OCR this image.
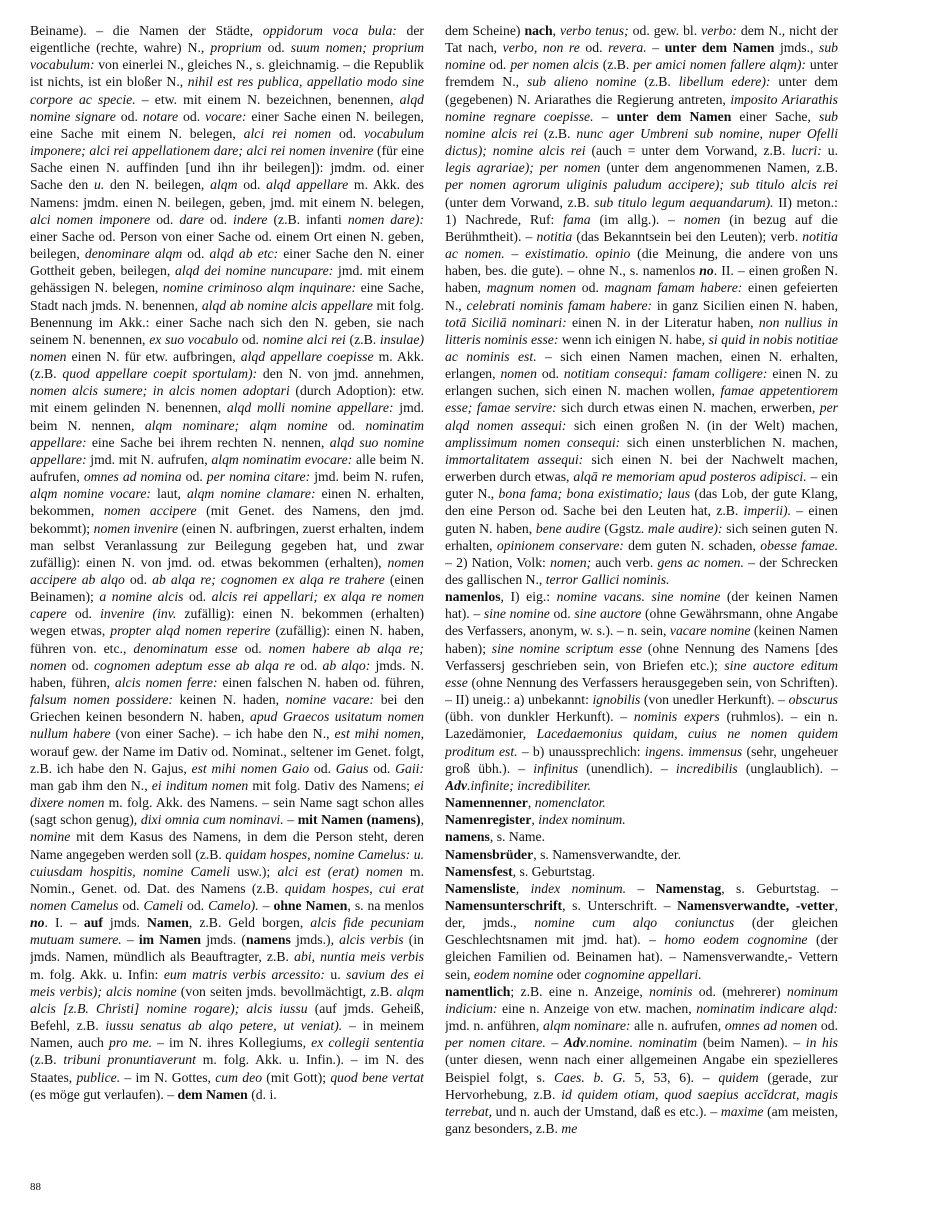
Beiname). – die Namen der Städte, oppidorum voca bula: der eigentliche (rechte, wahre) N., proprium od. suum nomen; proprium vocabulum: von einerlei N., gleiches N., s. gleichnamig. – die Republik ist nichts, ist ein bloßer N., nihil est res publica, appellatio modo sine corpore ac specie. – etw. mit einem N. bezeichnen, benennen, alqd nomine signare od. notare od. vocare: einer Sache einen N. beilegen, eine Sache mit einem N. belegen, alci rei nomen od. vocabulum imponere; alci rei appellationem dare; alci rei nomen invenire (für eine Sache einen N. auffinden [und ihn ihr beilegen]): jmdm. od. einer Sache den u. den N. beilegen, alqm od. alqd appellare m. Akk. des Namens: jmdm. einen N. beilegen, geben, jmd. mit einem N. belegen, alci nomen imponere od. dare od. indere (z.B. infanti nomen dare): einer Sache od. Person von einer Sache od. einem Ort einen N. geben, beilegen, denominare alqm od. alqd ab etc: einer Sache den N. einer Gottheit geben, beilegen, alqd dei nomine nuncupare: jmd. mit einem gehässigen N. belegen, nomine criminoso alqm inquinare: eine Sache, Stadt nach jmds. N. benennen, alqd ab nomine alcis appellare mit folg. Benennung im Akk.: einer Sache nach sich den N. geben, sie nach seinem N. benennen, ex suo vocabulo od. nomine alci rei (z.B. insulae) nomen einen N. für etw. aufbringen, alqd appellare coepisse m. Akk. (z.B. quod appellare coepit sportulam): den N. von jmd. annehmen, nomen alcis sumere; in alcis nomen adoptari (durch Adoption): etw. mit einem gelinden N. benennen, alqd molli nomine appellare: jmd. beim N. nennen, alqm nominare; alqm nomine od. nominatim appellare: eine Sache bei ihrem rechten N. nennen, alqd suo nomine appellare: jmd. mit N. aufrufen, alqm nominatim evocare: alle beim N. aufrufen, omnes ad nomina od. per nomina citare: jmd. beim N. rufen, alqm nomine vocare: laut, alqm nomine clamare: einen N. erhalten, bekommen, nomen accipere (mit Genet. des Namens, den jmd. bekommt); nomen invenire (einen N. aufbringen, zuerst erhalten, indem man selbst Veranlassung zur Beilegung gegeben hat, und zwar zufällig): einen N. von jmd. od. etwas bekommen (erhalten), nomen accipere ab alqo od. ab alqa re; cognomen ex alqa re trahere (einen Beinamen); a nomine alcis od. alcis rei appellari; ex alqa re nomen capere od. invenire (inv. zufällig): einen N. bekommen (erhalten) wegen etwas, propter alqd nomen reperire (zufällig): einen N. haben, führen von. etc., denominatum esse od. nomen habere ab alqa re; nomen od. cognomen adeptum esse ab alqa re od. ab alqo: jmds. N. haben, führen, alcis nomen ferre: einen falschen N. haben od. führen, falsum nomen possidere: keinen N. haden, nomine vacare: bei den Griechen keinen besondern N. haben, apud Graecos usitatum nomen nullum habere (von einer Sache). – ich habe den N., est mihi nomen, worauf gew. der Name im Dativ od. Nominat., seltener im Genet. folgt, z.B. ich habe den N. Gajus, est mihi nomen Gaio od. Gaius od. Gaii: man gab ihm den N., ei inditum nomen mit folg. Dativ des Namens; ei dixere nomen m. folg. Akk. des Namens. – sein Name sagt schon alles (sagt schon genug), dixi omnia cum nominavi. – mit Namen (namens), nomine mit dem Kasus des Namens, in dem die Person steht, deren Name angegeben werden soll (z.B. quidam hospes, nomine Camelus: u. cuiusdam hospitis, nomine Cameli usw.); alci est (erat) nomen m. Nomin., Genet. od. Dat. des Namens (z.B. quidam hospes, cui erat nomen Camelus od. Cameli od. Camelo). – ohne Namen, s. na menlos no. I. – auf jmds. Namen, z.B. Geld borgen, alcis fide pecuniam mutuam sumere. – im Namen jmds. (namens jmds.), alcis verbis (in jmds. Namen, mündlich als Beauftragter, z.B. abi, nuntia meis verbis m. folg. Akk. u. Infin: eum matris verbis arcessito: u. savium des ei meis verbis); alcis nomine (von seiten jmds. bevollmächtigt, z.B. alqm alcis [z.B. Christi] nomine rogare); alcis iussu (auf jmds. Geheiß, Befehl, z.B. iussu senatus ab alqo petere, ut veniat). – in meinem Namen, auch pro me. – im N. ihres Kollegiums, ex collegii sententia (z.B. tribuni pronuntiaverunt m. folg. Akk. u. Infin.). – im N. des Staates, publice. – im N. Gottes, cum deo (mit Gott); quod bene vertat (es möge gut verlaufen). – dem Namen (d. i.

dem Scheine) nach, verbo tenus; od. gew. bl. verbo: dem N., nicht der Tat nach, verbo, non re od. revera. – unter dem Namen jmds., sub nomine od. per nomen alcis (z.B. per amici nomen fallere alqm): unter fremdem N., sub alieno nomine (z.B. libellum edere): unter dem (gegebenen) N. Ariarathes die Regierung antreten, imposito Ariarathis nomine regnare coepisse. – unter dem Namen einer Sache, sub nomine alcis rei (z.B. nunc ager Umbreni sub nomine, nuper Ofelli dictus); nomine alcis rei (auch = unter dem Vorwand, z.B. lucri: u. legis agrariae); per nomen (unter dem angenommenen Namen, z.B. per nomen agrorum uliginis paludum accipere); sub titulo alcis rei (unter dem Vorwand, z.B. sub titulo legum aequandarum). II) meton.: 1) Nachrede, Ruf: fama (im allg.). – nomen (in bezug auf die Berühmtheit). – notitia (das Bekanntsein bei den Leuten); verb. notitia ac nomen. – existimatio. opinio (die Meinung, die andere von uns haben, bes. die gute). – ohne N., s. namenlos no. II. – einen großen N. haben, magnum nomen od. magnam famam habere: einen gefeierten N., celebrati nominis famam habere: in ganz Sicilien einen N. haben, totā Siciliā nominari: einen N. in der Literatur haben, non nullius in litteris nominis esse: wenn ich einigen N. habe, si quid in nobis notitiae ac nominis est. – sich einen Namen machen, einen N. erhalten, erlangen, nomen od. notitiam consequi: famam colligere: einen N. zu erlangen suchen, sich einen N. machen wollen, famae appetentiorem esse; famae servire: sich durch etwas einen N. machen, erwerben, per alqd nomen assequi: sich einen großen N. (in der Welt) machen, amplissimum nomen consequi: sich einen unsterblichen N. machen, immortalitatem assequi: sich einen N. bei der Nachwelt machen, erwerben durch etwas, alqā re memoriam apud posteros adipisci. – ein guter N., bona fama; bona existimatio; laus (das Lob, der gute Klang, den eine Person od. Sache bei den Leuten hat, z.B. imperii). – einen guten N. haben, bene audire (Ggstz. male audire): sich seinen guten N. erhalten, opinionem conservare: dem guten N. schaden, obesse famae. – 2) Nation, Volk: nomen; auch verb. gens ac nomen. – der Schrecken des gallischen N., terror Gallici nominis.

namenlos, I) eig.: nomine vacans. sine nomine (der keinen Namen hat). – sine nomine od. sine auctore (ohne Gewährsmann, ohne Angabe des Verfassers, anonym, w. s.). – n. sein, vacare nomine (keinen Namen haben); sine nomine scriptum esse (ohne Nennung des Namens [des Verfassersj geschrieben sein, von Briefen etc.); sine auctore editum esse (ohne Nennung des Verfassers herausgegeben sein, von Schriften). – II) uneig.: a) unbekannt: ignobilis (von unedler Herkunft). – obscurus (übh. von dunkler Herkunft). – nominis expers (ruhmlos). – ein n. Lazedämonier, Lacedaemonius quidam, cuius ne nomen quidem proditum est. – b) unaussprechlich: ingens. immensus (sehr, ungeheuer groß übh.). – infinitus (unendlich). – incredibilis (unglaublich). – Adv.infinite; incredibiliter.

Namennenner, nomenclator.

Namenregister, index nominum.

namens, s. Name.

Namensbrüder, s. Namensverwandte, der.

Namensfest, s. Geburtstag.

Namensliste, index nominum. – Namenstag, s. Geburtstag. – Namensunterschrift, s. Unterschrift. – Namensverwandte, -vetter, der, jmds., nomine cum alqo coniunctus (der gleichen Geschlechtsnamen mit jmd. hat). – homo eodem cognomine (der gleichen Familien od. Beinamen hat). – Namensverwandte,- Vettern sein, eodem nomine oder cognomine appellari.

namentlich; z.B. eine n. Anzeige, nominis od. (mehrerer) nominum indicium: eine n. Anzeige von etw. machen, nominatim indicare alqd: jmd. n. anführen, alqm nominare: alle n. aufrufen, omnes ad nomen od. per nomen citare. – Adv.nomine. nominatim (beim Namen). – in his (unter diesen, wenn nach einer allgemeinen Angabe ein spezielleres Beispiel folgt, s. Caes. b. G. 5, 53, 6). – quidem (gerade, zur Hervorhebung, z.B. id quidem otiam, quod saepius accĭdcrat, magis terrebat, und n. auch der Umstand, daß es etc.). – maxime (am meisten, ganz besonders, z.B. me

88
